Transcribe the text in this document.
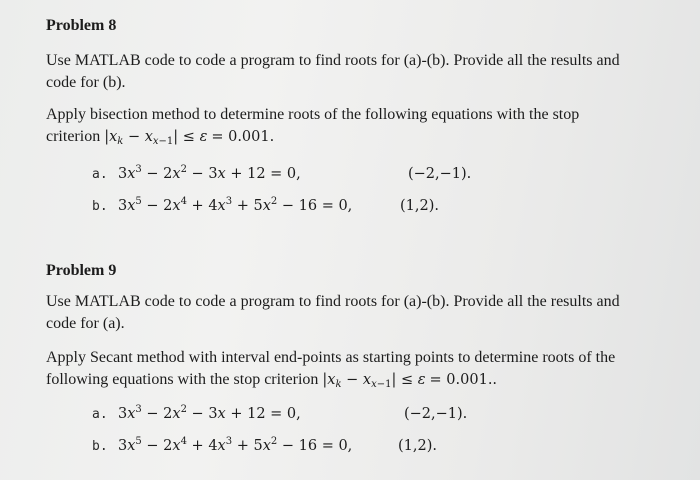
Problem 8
Use MATLAB code to code a program to find roots for (a)-(b). Provide all the results and
code for (b).
Apply bisection method to determine roots of the following equations with the stop
criterion $|x_k - x_{x-1}| \le \varepsilon = 0.001$.
a. $3x^3 - 2x^2 - 3x + 12 = 0$,	(−2,−1).
b. $3x^5 - 2x^4 + 4x^3 + 5x^2 - 16 = 0$,	(1,2).
Problem 9
Use MATLAB code to code a program to find roots for (a)-(b). Provide all the results and
code for (a).
Apply Secant method with interval end-points as starting points to determine roots of the
following equations with the stop criterion $|x_k - x_{x-1}| \le \varepsilon = 0.001$..
a. $3x^3 - 2x^2 - 3x + 12 = 0$,	(−2,−1).
b. $3x^5 - 2x^4 + 4x^3 + 5x^2 - 16 = 0$,	(1,2).
